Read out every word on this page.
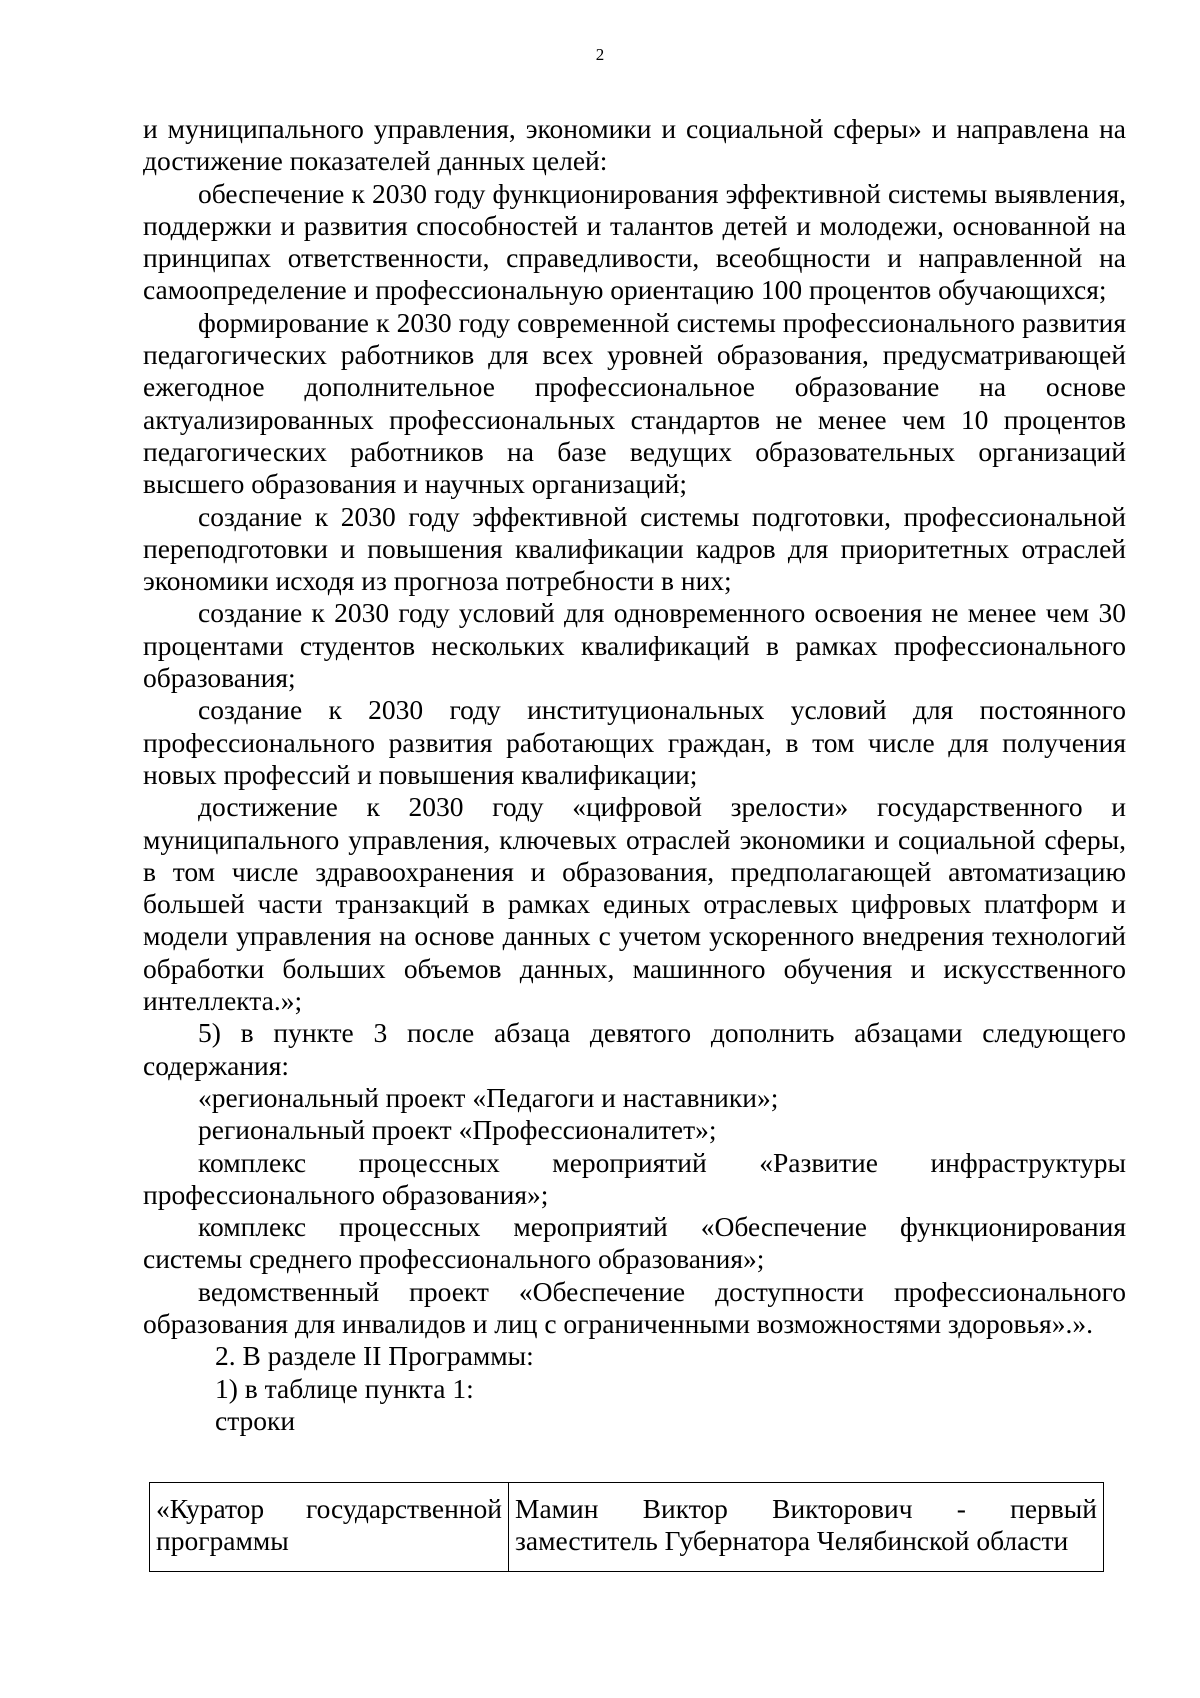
2

и муниципального управления, экономики и социальной сферы» и направлена на достижение показателей данных целей:

обеспечение к 2030 году функционирования эффективной системы выявления, поддержки и развития способностей и талантов детей и молодежи, основанной на принципах ответственности, справедливости, всеобщности и направленной на самоопределение и профессиональную ориентацию 100 процентов обучающихся;

формирование к 2030 году современной системы профессионального развития педагогических работников для всех уровней образования, предусматривающей ежегодное дополнительное профессиональное образование на основе актуализированных профессиональных стандартов не менее чем 10 процентов педагогических работников на базе ведущих образовательных организаций высшего образования и научных организаций;

создание к 2030 году эффективной системы подготовки, профессиональной переподготовки и повышения квалификации кадров для приоритетных отраслей экономики исходя из прогноза потребности в них;

создание к 2030 году условий для одновременного освоения не менее чем 30 процентами студентов нескольких квалификаций в рамках профессионального образования;

создание к 2030 году институциональных условий для постоянного профессионального развития работающих граждан, в том числе для получения новых профессий и повышения квалификации;

достижение к 2030 году «цифровой зрелости» государственного и муниципального управления, ключевых отраслей экономики и социальной сферы, в том числе здравоохранения и образования, предполагающей автоматизацию большей части транзакций в рамках единых отраслевых цифровых платформ и модели управления на основе данных с учетом ускоренного внедрения технологий обработки больших объемов данных, машинного обучения и искусственного интеллекта.»;

5) в пункте 3 после абзаца девятого дополнить абзацами следующего содержания:

«региональный проект «Педагоги и наставники»;

региональный проект «Профессионалитет»;

комплекс процессных мероприятий «Развитие инфраструктуры профессионального образования»;

комплекс процессных мероприятий «Обеспечение функционирования системы среднего профессионального образования»;

ведомственный проект «Обеспечение доступности профессионального образования для инвалидов и лиц с ограниченными возможностями здоровья».».

2. В разделе II Программы:

1) в таблице пункта 1:

строки

«Куратор государственной программы	Мамин Виктор Викторович - первый заместитель Губернатора Челябинской области
